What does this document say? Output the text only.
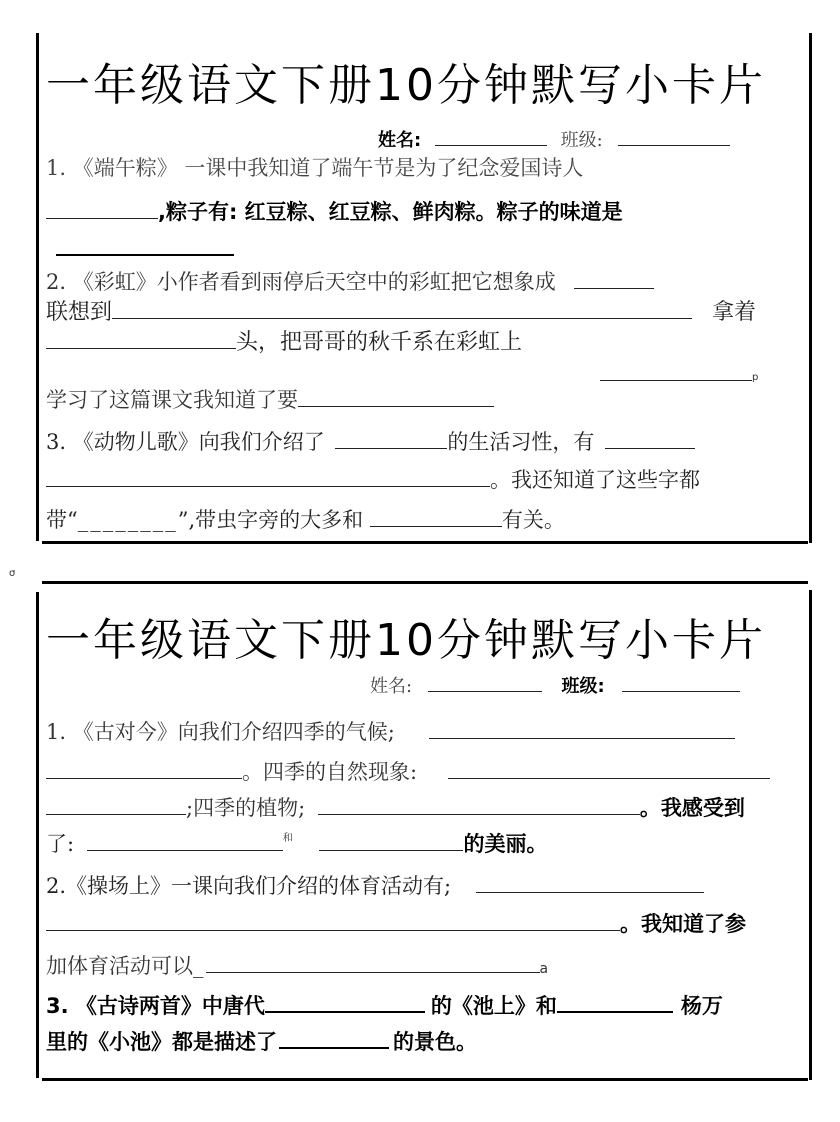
一年级语文下册10分钟默写小卡片
姓名:	班级:
1. 《端午粽》 一课中我知道了端午节是为了纪念爱国诗人
,粽子有: 红豆粽、红豆粽、鲜肉粽。粽子的味道是
2. 《彩虹》小作者看到雨停后天空中的彩虹把它想象成
联想到	拿着
头，把哥哥的秋千系在彩虹上
p
学习了这篇课文我知道了要
3. 《动物儿歌》向我们介绍了	的生活习性，有
。我还知道了这些字都
带“________”,带虫字旁的大多和	有关。
σ
一年级语文下册10分钟默写小卡片
姓名:	班级:
1. 《古对今》向我们介绍四季的气候;
。四季的自然现象:
;四季的植物;	。我感受到
了:	$^和$	的美丽。
2.《操场上》一课向我们介绍的体育活动有;
。我知道了参
加体育活动可以_	a
3. 《古诗两首》中唐代	的《池上》和	杨万
里的《小池》都是描述了	的景色。
